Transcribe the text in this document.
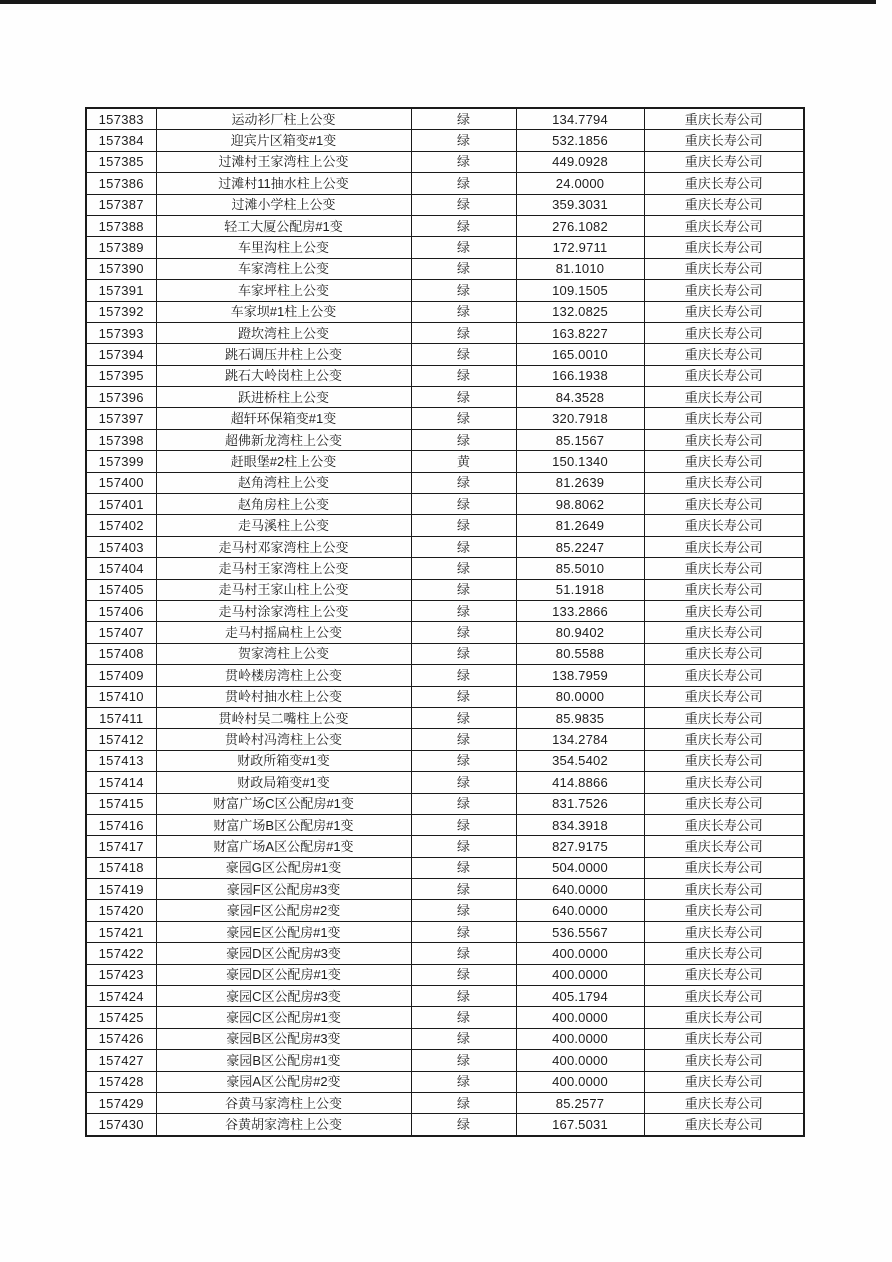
157383	运动衫厂柱上公变	绿	134.7794	重庆长寿公司
157384	迎宾片区箱变#1变	绿	532.1856	重庆长寿公司
157385	过滩村王家湾柱上公变	绿	449.0928	重庆长寿公司
157386	过滩村11抽水柱上公变	绿	24.0000	重庆长寿公司
157387	过滩小学柱上公变	绿	359.3031	重庆长寿公司
157388	轻工大厦公配房#1变	绿	276.1082	重庆长寿公司
157389	车里沟柱上公变	绿	172.9711	重庆长寿公司
157390	车家湾柱上公变	绿	81.1010	重庆长寿公司
157391	车家坪柱上公变	绿	109.1505	重庆长寿公司
157392	车家坝#1柱上公变	绿	132.0825	重庆长寿公司
157393	蹬坎湾柱上公变	绿	163.8227	重庆长寿公司
157394	跳石调压井柱上公变	绿	165.0010	重庆长寿公司
157395	跳石大岭岗柱上公变	绿	166.1938	重庆长寿公司
157396	跃进桥柱上公变	绿	84.3528	重庆长寿公司
157397	超轩环保箱变#1变	绿	320.7918	重庆长寿公司
157398	超佛新龙湾柱上公变	绿	85.1567	重庆长寿公司
157399	赶眼堡#2柱上公变	黄	150.1340	重庆长寿公司
157400	赵角湾柱上公变	绿	81.2639	重庆长寿公司
157401	赵角房柱上公变	绿	98.8062	重庆长寿公司
157402	走马溪柱上公变	绿	81.2649	重庆长寿公司
157403	走马村邓家湾柱上公变	绿	85.2247	重庆长寿公司
157404	走马村王家湾柱上公变	绿	85.5010	重庆长寿公司
157405	走马村王家山柱上公变	绿	51.1918	重庆长寿公司
157406	走马村涂家湾柱上公变	绿	133.2866	重庆长寿公司
157407	走马村摇扁柱上公变	绿	80.9402	重庆长寿公司
157408	贺家湾柱上公变	绿	80.5588	重庆长寿公司
157409	贯岭楼房湾柱上公变	绿	138.7959	重庆长寿公司
157410	贯岭村抽水柱上公变	绿	80.0000	重庆长寿公司
157411	贯岭村吴二嘴柱上公变	绿	85.9835	重庆长寿公司
157412	贯岭村冯湾柱上公变	绿	134.2784	重庆长寿公司
157413	财政所箱变#1变	绿	354.5402	重庆长寿公司
157414	财政局箱变#1变	绿	414.8866	重庆长寿公司
157415	财富广场C区公配房#1变	绿	831.7526	重庆长寿公司
157416	财富广场B区公配房#1变	绿	834.3918	重庆长寿公司
157417	财富广场A区公配房#1变	绿	827.9175	重庆长寿公司
157418	豪园G区公配房#1变	绿	504.0000	重庆长寿公司
157419	豪园F区公配房#3变	绿	640.0000	重庆长寿公司
157420	豪园F区公配房#2变	绿	640.0000	重庆长寿公司
157421	豪园E区公配房#1变	绿	536.5567	重庆长寿公司
157422	豪园D区公配房#3变	绿	400.0000	重庆长寿公司
157423	豪园D区公配房#1变	绿	400.0000	重庆长寿公司
157424	豪园C区公配房#3变	绿	405.1794	重庆长寿公司
157425	豪园C区公配房#1变	绿	400.0000	重庆长寿公司
157426	豪园B区公配房#3变	绿	400.0000	重庆长寿公司
157427	豪园B区公配房#1变	绿	400.0000	重庆长寿公司
157428	豪园A区公配房#2变	绿	400.0000	重庆长寿公司
157429	谷黄马家湾柱上公变	绿	85.2577	重庆长寿公司
157430	谷黄胡家湾柱上公变	绿	167.5031	重庆长寿公司
